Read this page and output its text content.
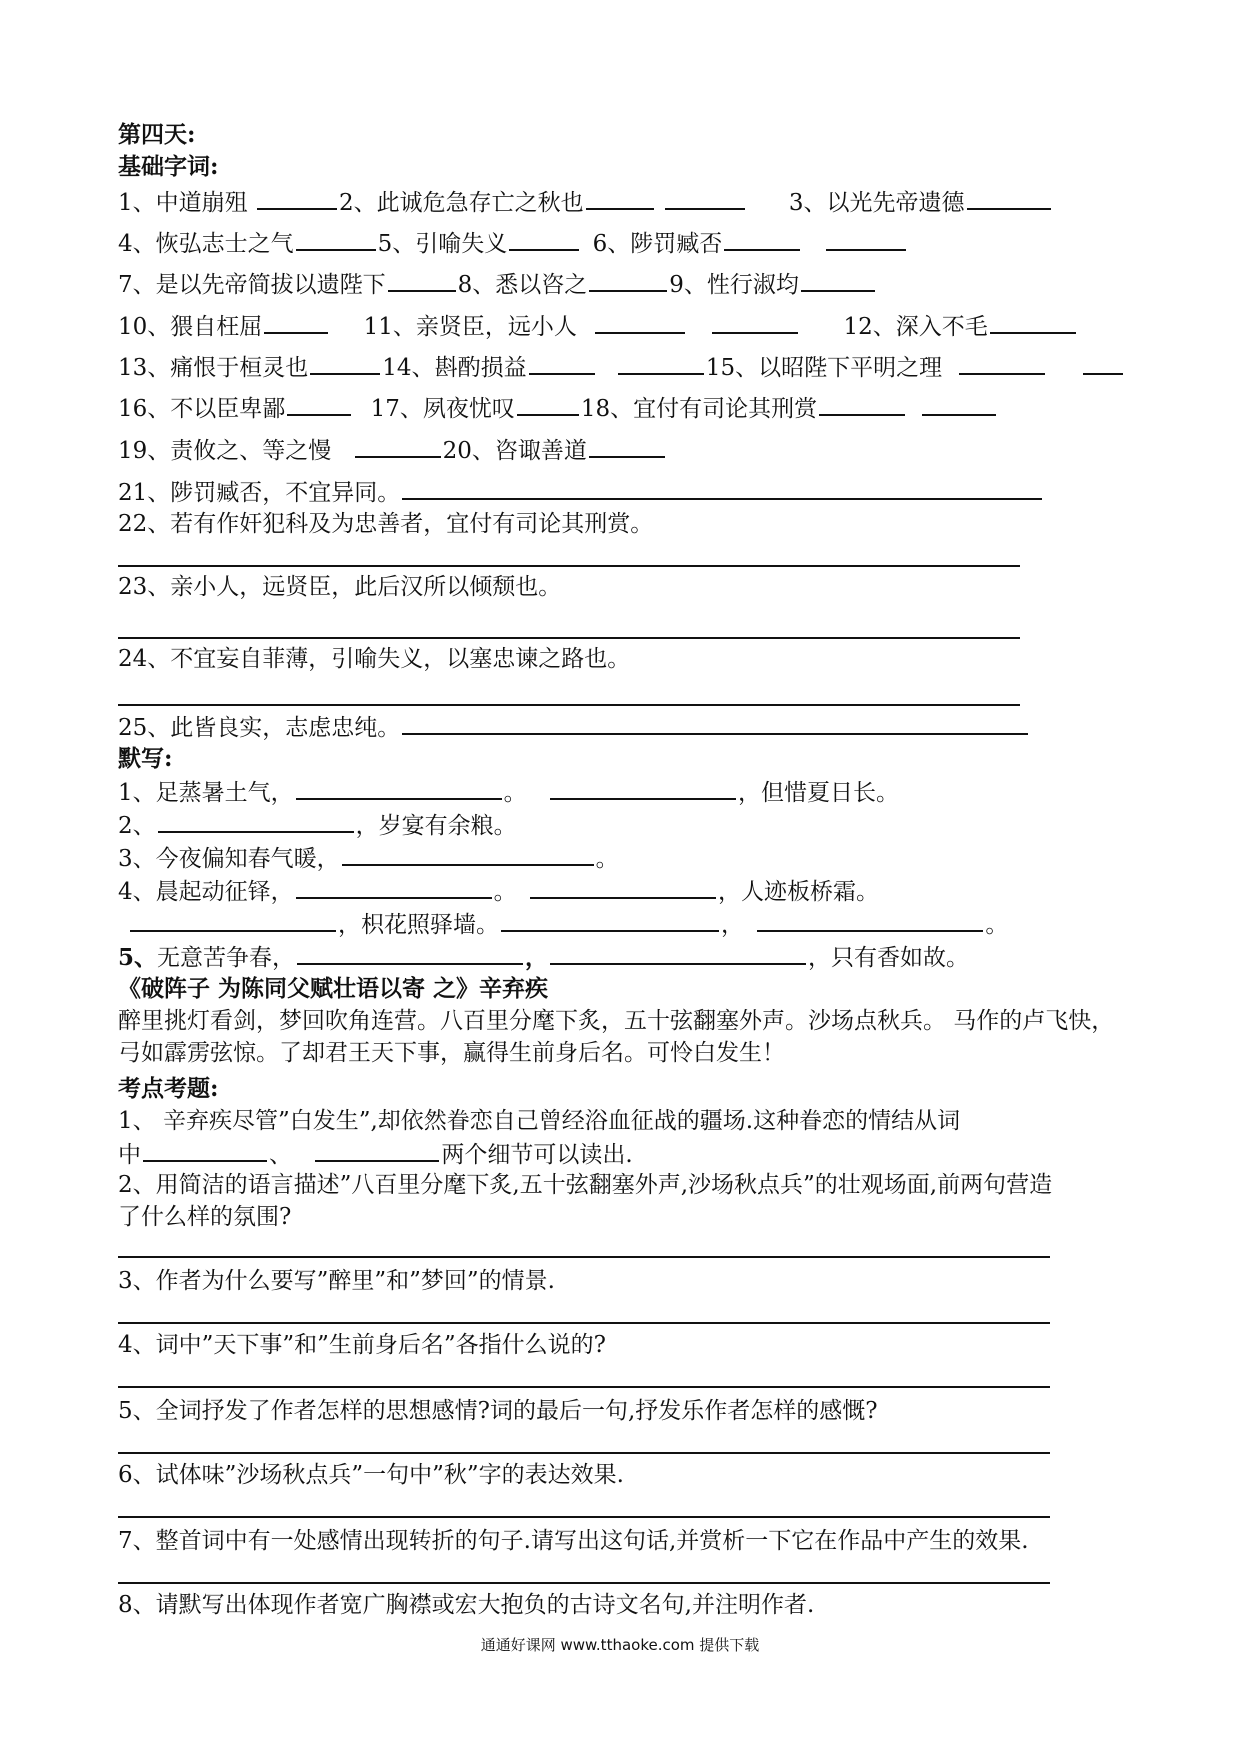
第四天:
基础字词:
1、中道崩殂	2、此诚危急存亡之秋也	3、以光先帝遗德
4、恢弘志士之气	5、引喻失义	6、陟罚臧否
7、是以先帝简拔以遗陛下	8、悉以咨之	9、性行淑均
10、猥自枉屈	11、亲贤臣，远小人	12、深入不毛
13、痛恨于桓灵也	14、斟酌损益	15、以昭陛下平明之理
16、不以臣卑鄙	17、夙夜忧叹	18、宜付有司论其刑赏
19、责攸之、等之慢	20、咨诹善道
21、陟罚臧否，不宜异同。
22、若有作奸犯科及为忠善者，宜付有司论其刑赏。
23、亲小人，远贤臣，此后汉所以倾颓也。
24、不宜妄自菲薄，引喻失义，以塞忠谏之路也。
25、此皆良实，志虑忠纯。
默写:
1、足蒸暑土气，	。	，但惜夏日长。
2、	，岁宴有余粮。
3、今夜偏知春气暖，	。
4、晨起动征铎，	。	，人迹板桥霜。
，枳花照驿墙。	，	。
5、无意苦争春，	，	，只有香如故。
《破阵子 为陈同父赋壮语以寄 之》辛弃疾
醉里挑灯看剑，梦回吹角连营。八百里分麾下炙，五十弦翻塞外声。沙场点秋兵。 马作的卢飞快，弓如霹雳弦惊。了却君王天下事，赢得生前身后名。可怜白发生！
考点考题:
1、 辛弃疾尽管”白发生”,却依然眷恋自己曾经浴血征战的疆场.这种眷恋的情结从词
中	、	两个细节可以读出.
2、用简洁的语言描述”八百里分麾下炙,五十弦翻塞外声,沙场秋点兵”的壮观场面,前两句营造
了什么样的氛围?
3、作者为什么要写”醉里”和”梦回”的情景.
4、词中”天下事”和”生前身后名”各指什么说的?
5、全词抒发了作者怎样的思想感情?词的最后一句,抒发乐作者怎样的感慨?
6、试体味”沙场秋点兵”一句中”秋”字的表达效果.
7、整首词中有一处感情出现转折的句子.请写出这句话,并赏析一下它在作品中产生的效果.
8、请默写出体现作者宽广胸襟或宏大抱负的古诗文名句,并注明作者.
通通好课网 www.tthaoke.com 提供下载
